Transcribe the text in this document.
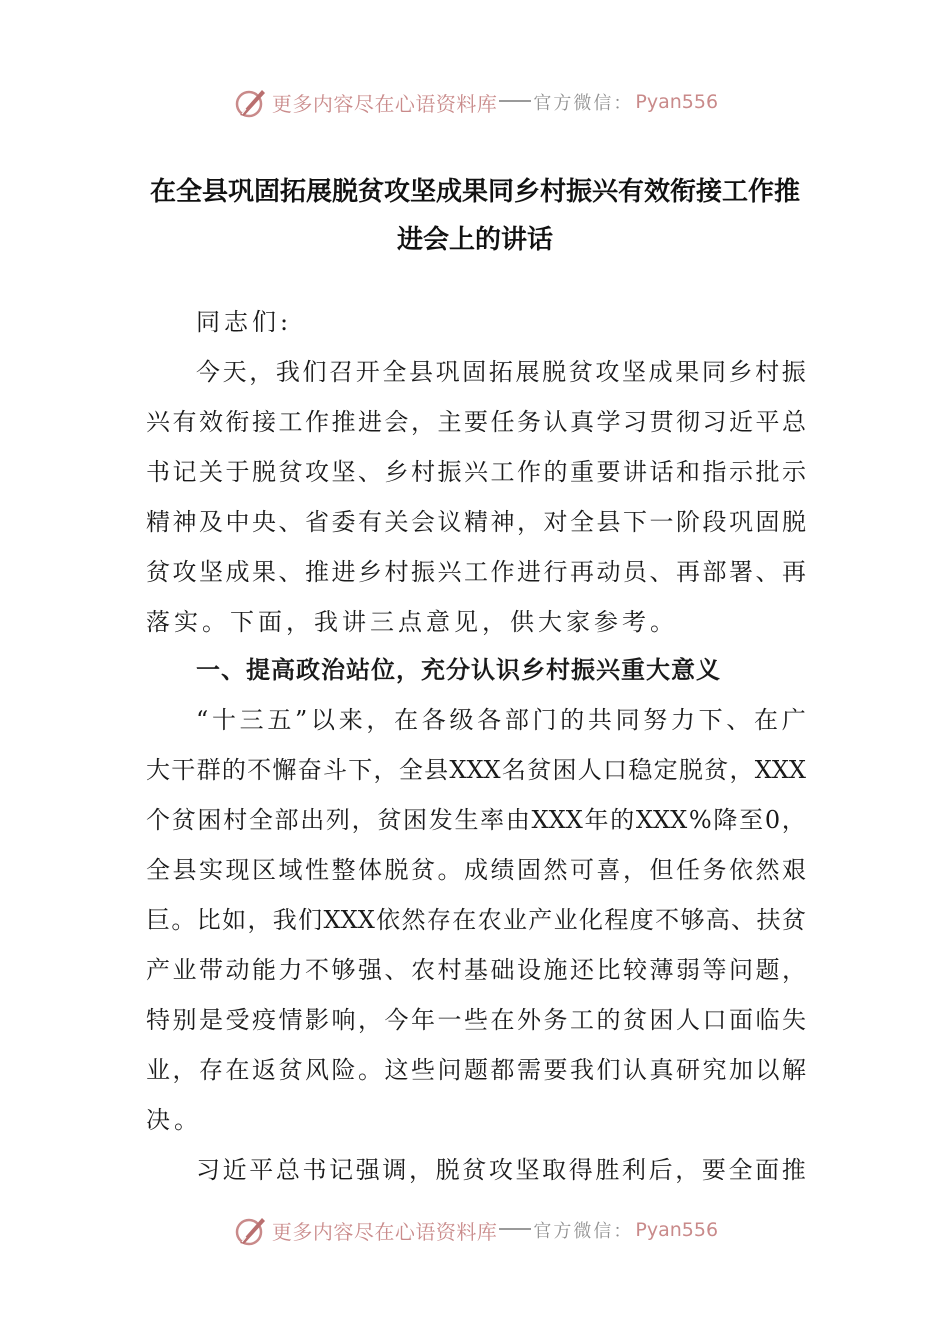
更多内容尽在心语资料库 官方微信： Pyan556
在全县巩固拓展脱贫攻坚成果同乡村振兴有效衔接工作推
进会上的讲话
同志们:
今 天 ， 我 们 召 开 全 县 巩 固 拓 展 脱 贫 攻 坚 成 果 同 乡 村 振
兴 有 效 衔 接 工 作 推 进 会 ， 主 要 任 务 认 真 学 习 贯 彻 习 近 平 总
书 记 关 于 脱 贫 攻 坚 、 乡 村 振 兴 工 作 的 重 要 讲 话 和 指 示 批 示
精 神 及 中 央 、 省 委 有 关 会 议 精 神 ， 对 全 县 下 一 阶 段 巩 固 脱
贫 攻 坚 成 果 、 推 进 乡 村 振 兴 工 作 进 行 再 动 员 、 再 部 署 、 再
落实。下面，我讲三点意见，供大家参考。
一、提高政治站位，充分认识乡村振兴重大意义
“ 十 三 五 ” 以 来 ， 在 各 级 各 部 门 的 共 同 努 力 下 、 在 广
大 干 群 的 不 懈 奋 斗 下 ， 全 县 XXX 名 贫 困 人 口 稳 定 脱 贫 ， XXX
个 贫 困 村 全 部 出 列 ， 贫 困 发 生 率 由 XXX 年 的 XXX % 降 至 0 ，
全 县 实 现 区 域 性 整 体 脱 贫 。 成 绩 固 然 可 喜 ， 但 任 务 依 然 艰
巨 。 比 如 ， 我 们 XXX 依 然 存 在 农 业 产 业 化 程 度 不 够 高 、 扶 贫
产 业 带 动 能 力 不 够 强 、 农 村 基 础 设 施 还 比 较 薄 弱 等 问 题 ，
特 别 是 受 疫 情 影 响 ， 今 年 一 些 在 外 务 工 的 贫 困 人 口 面 临 失
业 ， 存 在 返 贫 风 险 。 这 些 问 题 都 需 要 我 们 认 真 研 究 加 以 解
决。
习 近 平 总 书 记 强 调 ， 脱 贫 攻 坚 取 得 胜 利 后 ， 要 全 面 推
更多内容尽在心语资料库 官方微信： Pyan556
